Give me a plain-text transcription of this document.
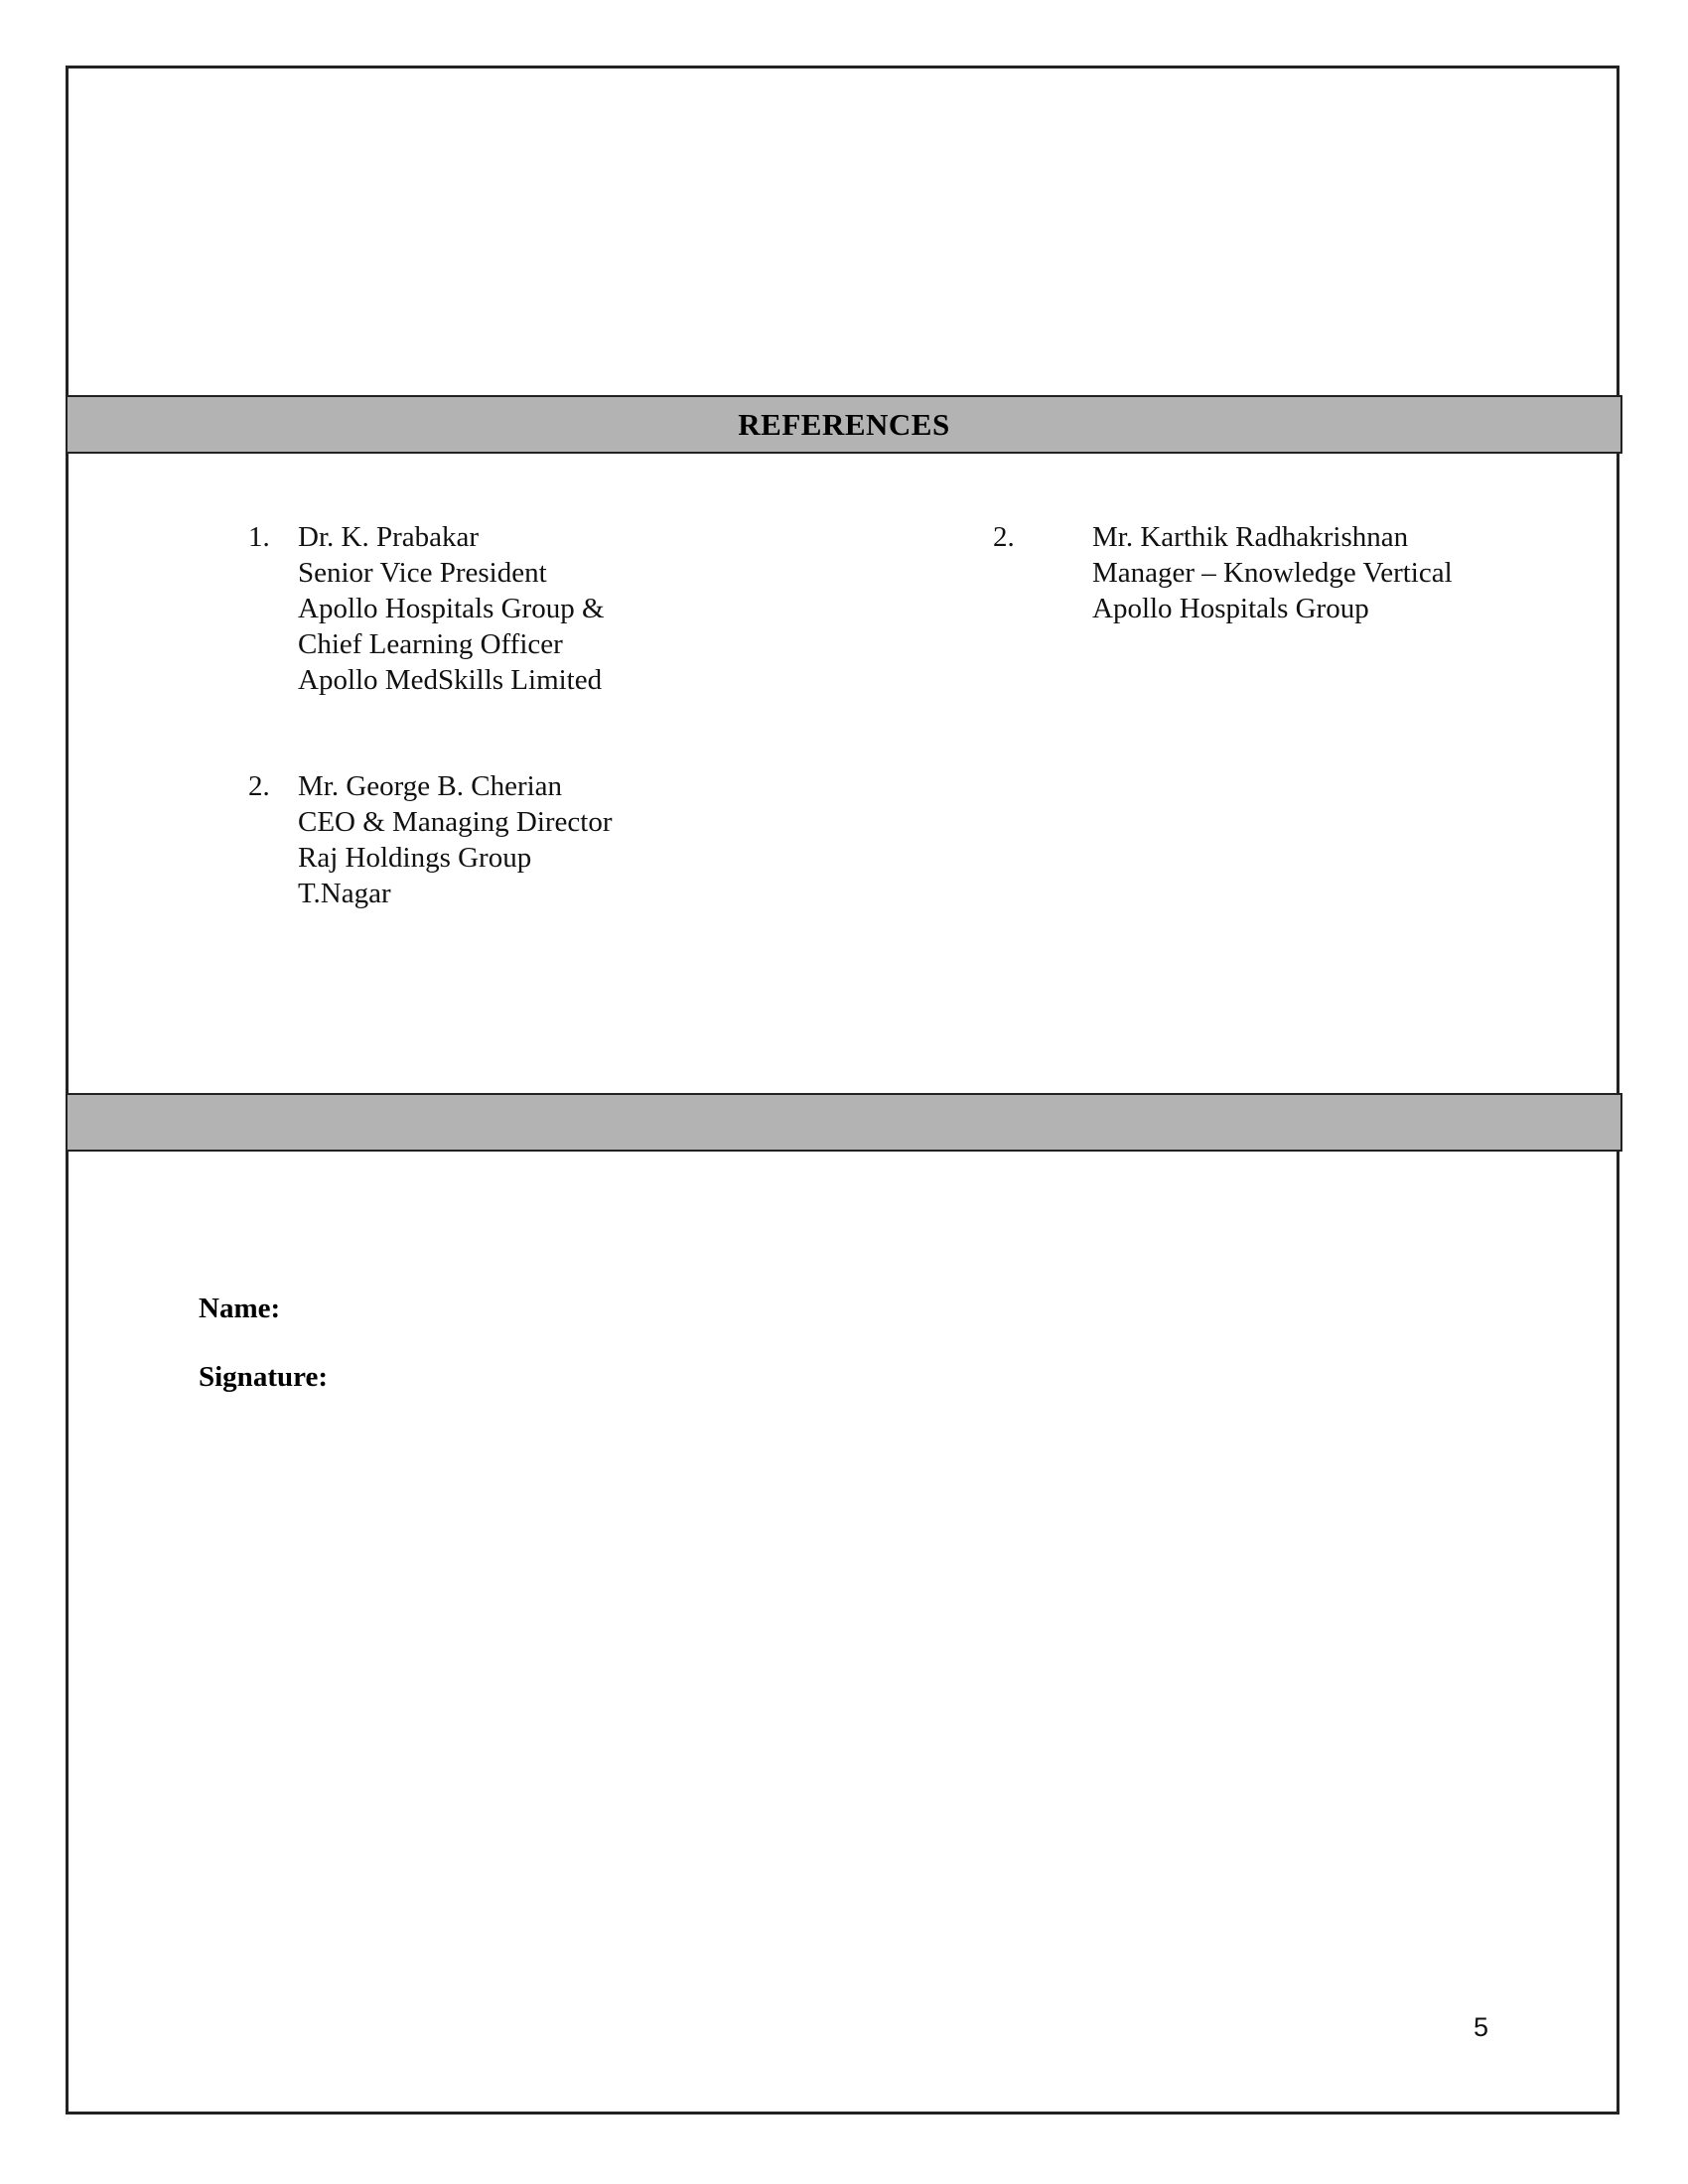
REFERENCES
1. Dr. K. Prabakar
Senior Vice President
Apollo Hospitals Group &
Chief Learning Officer
Apollo MedSkills Limited
2. Mr. George B. Cherian
CEO & Managing Director
Raj Holdings Group
T.Nagar
2.	Mr. Karthik Radhakrishnan
Manager – Knowledge Vertical
Apollo Hospitals Group
Name:
Signature:
5
